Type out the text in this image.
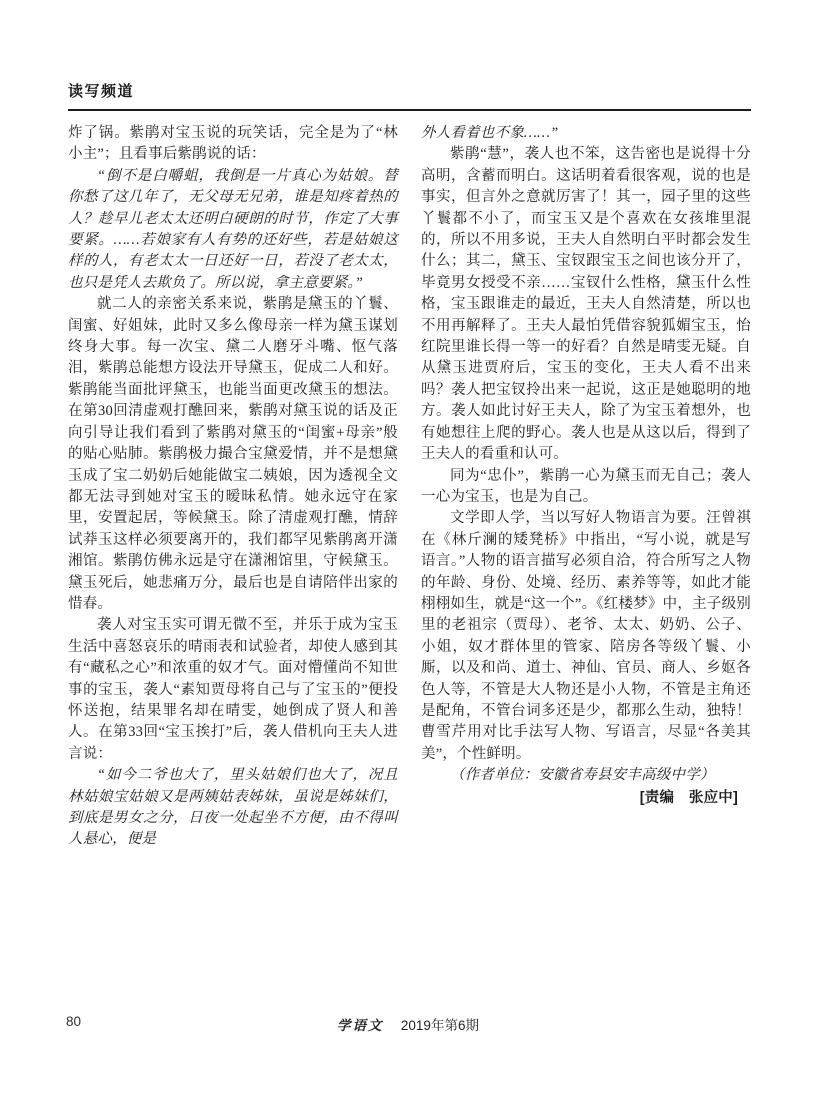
读写频道

炸了锅。紫鹃对宝玉说的玩笑话，完全是为了“林小主”；且看事后紫鹃说的话：

“倒不是白嚼蛆，我倒是一片真心为姑娘。替你愁了这几年了，无父母无兄弟，谁是知疼着热的人？趁早儿老太太还明白硬朗的时节，作定了大事要紧。……若娘家有人有势的还好些，若是姑娘这样的人，有老太太一日还好一日，若没了老太太，也只是凭人去欺负了。所以说，拿主意要紧。”

就二人的亲密关系来说，紫鹃是黛玉的丫鬟、闺蜜、好姐妹，此时又多么像母亲一样为黛玉谋划终身大事。每一次宝、黛二人磨牙斗嘴、怄气落泪，紫鹃总能想方设法开导黛玉，促成二人和好。紫鹃能当面批评黛玉，也能当面更改黛玉的想法。在第30回清虚观打醮回来，紫鹃对黛玉说的话及正向引导让我们看到了紫鹃对黛玉的“闺蜜+母亲”般的贴心贴肺。紫鹃极力撮合宝黛爱情，并不是想黛玉成了宝二奶奶后她能做宝二姨娘，因为透视全文都无法寻到她对宝玉的暧昧私情。她永远守在家里，安置起居，等候黛玉。除了清虚观打醮，情辞试莽玉这样必须要离开的，我们都罕见紫鹃离开潇湘馆。紫鹃仿佛永远是守在潇湘馆里，守候黛玉。黛玉死后，她悲痛万分，最后也是自请陪伴出家的惜春。

袭人对宝玉实可谓无微不至，并乐于成为宝玉生活中喜怒哀乐的晴雨表和试验者，却使人感到其有“藏私之心”和浓重的奴才气。面对懵懂尚不知世事的宝玉，袭人“素知贾母将自己与了宝玉的”便投怀送抱，结果罪名却在晴雯，她倒成了贤人和善人。在第33回“宝玉挨打”后，袭人借机向王夫人进言说：

“如今二爷也大了，里头姑娘们也大了，况且林姑娘宝姑娘又是两姨姑表姊妹，虽说是姊妹们，到底是男女之分，日夜一处起坐不方便，由不得叫人悬心，便是

外人看着也不象……”

紫鹃“慧”，袭人也不笨，这告密也是说得十分高明，含蓄而明白。这话明着看很客观，说的也是事实，但言外之意就厉害了！其一，园子里的这些丫鬟都不小了，而宝玉又是个喜欢在女孩堆里混的，所以不用多说，王夫人自然明白平时都会发生什么；其二，黛玉、宝钗跟宝玉之间也该分开了，毕竟男女授受不亲……宝钗什么性格，黛玉什么性格，宝玉跟谁走的最近，王夫人自然清楚，所以也不用再解释了。王夫人最怕凭借容貌狐媚宝玉，怡红院里谁长得一等一的好看？自然是晴雯无疑。自从黛玉进贾府后，宝玉的变化，王夫人看不出来吗？袭人把宝钗拎出来一起说，这正是她聪明的地方。袭人如此讨好王夫人，除了为宝玉着想外，也有她想往上爬的野心。袭人也是从这以后，得到了王夫人的看重和认可。

同为“忠仆”，紫鹃一心为黛玉而无自己；袭人一心为宝玉，也是为自己。

文学即人学，当以写好人物语言为要。汪曾祺在《林斤澜的矮凳桥》中指出，“写小说，就是写语言。”人物的语言描写必须自洽，符合所写之人物的年龄、身份、处境、经历、素养等等，如此才能栩栩如生，就是“这一个”。《红楼梦》中，主子级别里的老祖宗（贾母）、老爷、太太、奶奶、公子、小姐，奴才群体里的管家、陪房各等级丫鬟、小厮，以及和尚、道士、神仙、官员、商人、乡妪各色人等，不管是大人物还是小人物，不管是主角还是配角，不管台词多还是少，都那么生动，独特！曹雪芹用对比手法写人物、写语言，尽显“各美其美”，个性鲜明。

（作者单位：安徽省寿县安丰高级中学）

[责编　张应中]

80	学语文 2019年第6期
